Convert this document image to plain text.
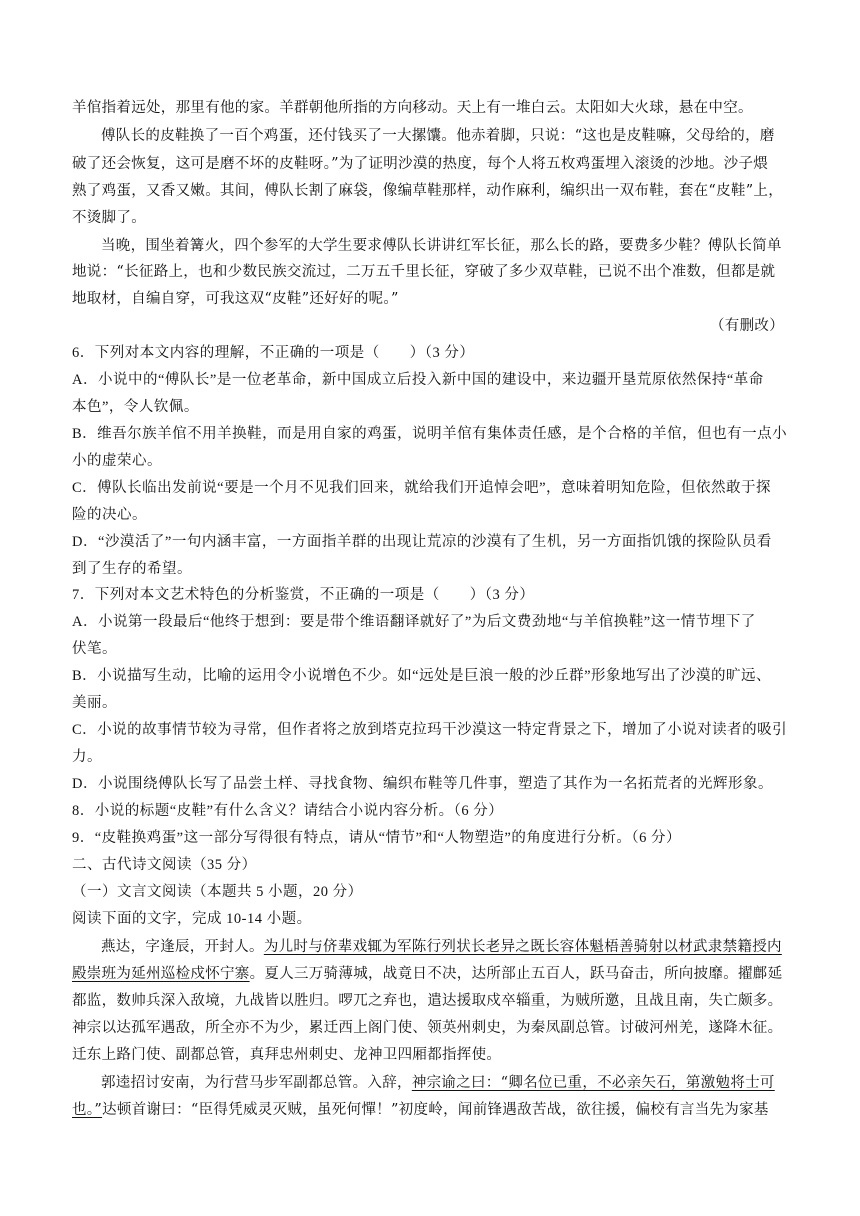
羊倌指着远处，那里有他的家。羊群朝他所指的方向移动。天上有一堆白云。太阳如大火球，悬在中空。
傅队长的皮鞋换了一百个鸡蛋，还付钱买了一大摞馕。他赤着脚，只说：“这也是皮鞋嘛，父母给的，磨
破了还会恢复，这可是磨不坏的皮鞋呀。”为了证明沙漠的热度，每个人将五枚鸡蛋埋入滚烫的沙地。沙子煨
熟了鸡蛋，又香又嫩。其间，傅队长割了麻袋，像编草鞋那样，动作麻利，编织出一双布鞋，套在“皮鞋”上，
不烫脚了。
当晚，围坐着篝火，四个参军的大学生要求傅队长讲讲红军长征，那么长的路，要费多少鞋？傅队长简单
地说：“长征路上，也和少数民族交流过，二万五千里长征，穿破了多少双草鞋，已说不出个准数，但都是就
地取材，自编自穿，可我这双“皮鞋”还好好的呢。”
（有删改）
6．下列对本文内容的理解，不正确的一项是（　　）（3 分）
A．小说中的“傅队长”是一位老革命，新中国成立后投入新中国的建设中，来边疆开垦荒原依然保持“革命
本色”，令人钦佩。
B．维吾尔族羊倌不用羊换鞋，而是用自家的鸡蛋，说明羊倌有集体责任感，是个合格的羊倌，但也有一点小
小的虚荣心。
C．傅队长临出发前说“要是一个月不见我们回来，就给我们开追悼会吧”，意味着明知危险，但依然敢于探
险的决心。
D．“沙漠活了”一句内涵丰富，一方面指羊群的出现让荒凉的沙漠有了生机，另一方面指饥饿的探险队员看
到了生存的希望。
7．下列对本文艺术特色的分析鉴赏，不正确的一项是（　　）（3 分）
A．小说第一段最后“他终于想到：要是带个维语翻译就好了”为后文费劲地“与羊倌换鞋”这一情节埋下了
伏笔。
B．小说描写生动，比喻的运用令小说增色不少。如“远处是巨浪一般的沙丘群”形象地写出了沙漠的旷远、
美丽。
C．小说的故事情节较为寻常，但作者将之放到塔克拉玛干沙漠这一特定背景之下，增加了小说对读者的吸引
力。
D．小说围绕傅队长写了品尝土样、寻找食物、编织布鞋等几件事，塑造了其作为一名拓荒者的光辉形象。
8．小说的标题“皮鞋”有什么含义？请结合小说内容分析。（6 分）
9．“皮鞋换鸡蛋”这一部分写得很有特点，请从“情节”和“人物塑造”的角度进行分析。（6 分）
二、古代诗文阅读（35 分）
（一）文言文阅读（本题共 5 小题，20 分）
阅读下面的文字，完成 10-14 小题。
燕达，字逢辰，开封人。为儿时与侪辈戏辄为军陈行列状长老异之既长容体魁梧善骑射以材武隶禁籍授内
殿崇班为延州巡检戍怀宁寨。夏人三万骑薄城，战竟日不决，达所部止五百人，跃马奋击，所向披靡。擢鄜延
都监，数帅兵深入敌境，九战皆以胜归。啰兀之弃也，遣达援取戍卒辎重，为贼所邀，且战且南，失亡颇多。
神宗以达孤军遇敌，所全亦不为少，累迁西上阁门使、领英州刺史，为秦凤副总管。讨破河州羌，遂降木征。
迁东上路门使、副都总管，真拜忠州刺史、龙神卫四厢都指挥使。
郭逵招讨安南，为行营马步军副都总管。入辞，神宗谕之曰：“卿名位已重，不必亲矢石，第激勉将士可
也。”达顿首谢曰：“臣得凭威灵灭贼，虽死何憚！”初度岭，闻前锋遇敌苦战，欲往援，偏校有言当先为家基
